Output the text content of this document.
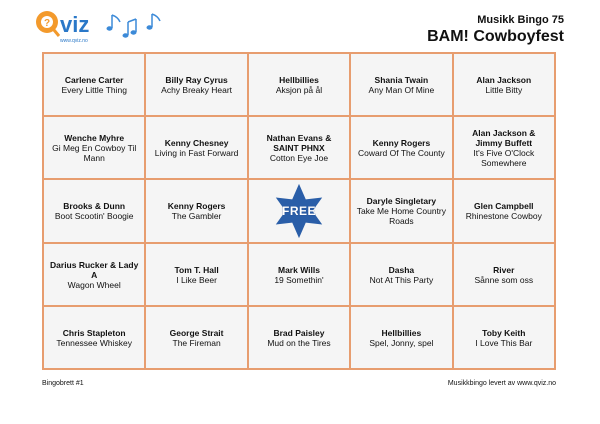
? viz
www.qviz.no
Musikk Bingo 75
BAM! Cowboyfest
Carlene Carter
Every Little Thing
Billy Ray Cyrus
Achy Breaky Heart
Hellbillies
Aksjon på ål
Shania Twain
Any Man Of Mine
Alan Jackson
Little Bitty
Wenche Myhre
Gi Meg En Cowboy Til Mann
Kenny Chesney
Living in Fast Forward
Nathan Evans & SAINT PHNX
Cotton Eye Joe
Kenny Rogers
Coward Of The County
Alan Jackson & Jimmy Buffett
It's Five O'Clock Somewhere
Brooks & Dunn
Boot Scootin' Boogie
Kenny Rogers
The Gambler	FREE
Daryle Singletary
Take Me Home Country Roads
Glen Campbell
Rhinestone Cowboy
Darius Rucker & Lady A
Wagon Wheel
Tom T. Hall
I Like Beer
Mark Wills
19 Somethin'
Dasha
Not At This Party
River
Sånne som oss
Chris Stapleton
Tennessee Whiskey
George Strait
The Fireman
Brad Paisley
Mud on the Tires
Hellbillies
Spel, Jonny, spel
Toby Keith
I Love This Bar
Bingobrett #1	Musikkbingo levert av www.qviz.no
